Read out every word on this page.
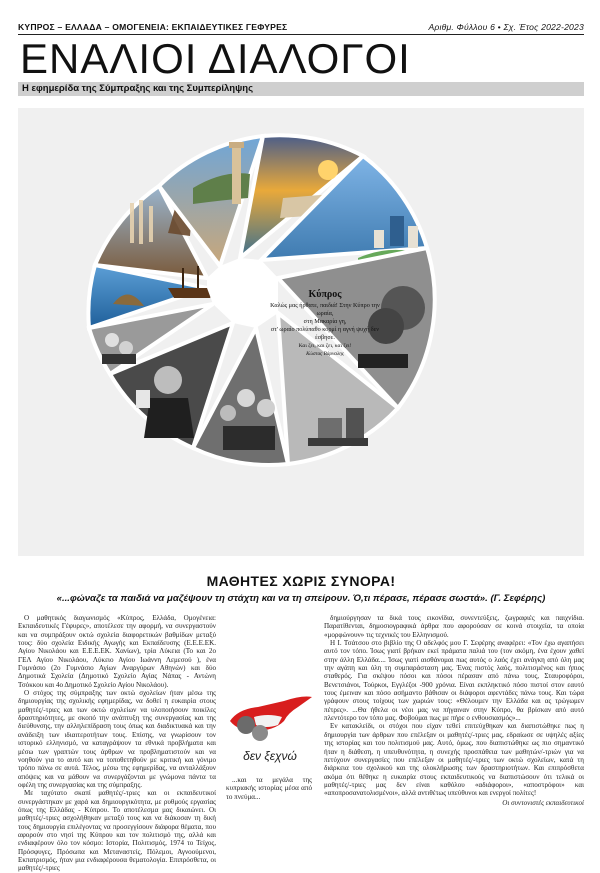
ΚΥΠΡΟΣ – ΕΛΛΑΔΑ – ΟΜΟΓΕΝΕΙΑ: ΕΚΠΑΙΔΕΥΤΙΚΕΣ ΓΕΦΥΡΕΣ	Αριθμ. Φύλλου 6 • Σχ. Έτος 2022-2023
ΕΝΑΛΙΟΙ ΔΙΑΛΟΓΟΙ
Η εφημερίδα της Σύμπραξης και της Συμπερίληψης
Κύπρος
Καλώς μας ήρθατε, παιδιά! Στην Κύπρο την
ωραία,
στη Μακαρία γη,
στ' ωραίο πολύπαθο κορμί η αγνή ψυχή δεν
έσβησε.
Και ζει, και ζει, και ζει!
Κώστας Βάρναλης
ΜΑΘΗΤΕΣ ΧΩΡΙΣ ΣΥΝΟΡΑ!
«...φώναζε τα παιδιά να μαζέψουν τη στάχτη και να τη σπείρουν. Ό,τι πέρασε, πέρασε σωστά». (Γ. Σεφέρης)

Ο μαθητικός διαγωνισμός «Κύπρος, Ελλάδα, Ομογένεια: Εκπαιδευτικές Γέφυρες», αποτέλεσε την αφορμή, να συνεργαστούν και να συμπράξουν οκτώ σχολεία διαφορετικών βαθμίδων μεταξύ τους: δύο σχολεία Ειδικής Αγωγής και Εκπαίδευσης (Ε.Ε.Ε.ΕΚ. Αγίου Νικολάου και Ε.Ε.Ε.ΕΚ. Χανίων), τρία Λύκεια (Το και 2ο ΓΕΛ Αγίου Νικολάου, Λύκειο Αγίου Ιωάννη Λεμεσού ), ένα Γυμνάσιο (2ο Γυμνάσιο Αγίων Αναργύρων Αθηνών) και δύο Δημοτικά Σχολεία (Δημοτικό Σχολείο Αγίας Νάπας - Αντώνη Τσόκκου και 4ο Δημοτικό Σχολείο Αγίου Νικολάου).

Ο στόχος της σύμπραξης των οκτώ σχολείων ήταν μέσω της δημιουργίας της σχολικής εφημερίδας, να δοθεί η ευκαιρία στους μαθητές/-τριες και των οκτώ σχολείων να υλοποιήσουν ποικίλες δραστηριότητες, με σκοπό την ανάπτυξη της συνεργασίας και της διεύθυνσης, την αλληλεπίδραση τους όπως και διαδικτυακά και την ανάδειξη των ιδιαιτεροτήτων τους. Επίσης, να γνωρίσουν τον ιστορικό ελληνισμό, να καταγράψουν τα εθνικά προβλήματα και μέσω των γραπτών τους άρθρων να προβληματιστούν και να νοηθούν για το αυτό και να τοποθετηθούν με κριτική και γόνιμο τρόπο πάνω σε αυτά. Τέλος, μέσω της εφημερίδας, να ανταλλάξουν απόψεις και να μάθουν να συνεργάζονται με γνώμονα πάντα τα οφέλη της συνεργασίας και της σύμπραξης.

Με ταχύτατο σκαπί μαθητές/-τριες και οι εκπαιδευτικοί συνεργάστηκαν με χαρά και δημιουργικότητα, με ρυθμούς εργασίας όπως της Ελλάδας - Κύπρου. Το αποτέλεσμα μας δικαιώνει. Οι μαθητές/-τριες ασχολήθηκαν μεταξύ τους και να διάκοσαν τη δική τους δημιουργία επιλέγοντας να προσεγγίσουν διάφορα θέματα, που αφορούν στο νησί της Κύπρου και τον πολιτισμό της, αλλά και ενδιαφέρουν όλο τον κόσμο: Ιστορία, Πολιτισμός, 1974 το Τείχος, Πρόσφυγες, Πρόσωπα και Μεταναστείς, Πόλεμοι, Αγνοούμενοι, Εκπατρισμός, ήταν μια ενδιαφέρουσα θεματολογία. Επιπρόσθετα, οι μαθητές/-τριες

δεν ξεχνώ

...και τα μεγάλα της κυπριακής ιστορίας μέσα από το πνεύμα...

δημιούργησαν τα δικά τους εικονίδια, συνεντεύξεις, ζωγραφιές και παιχνίδια. Παρατίθενται, δημοσιογραφικά άρθρα που αφορούσαν σε κοινά στοιχεία, τα οποία «μορφώνουν» τις τεχνικές του Ελληνισμού.

Η Ι. Τσάτσου στο βιβλίο της Ο αδελφός μου Γ. Σεφέρης αναφέρει: «Τον έχω αγαπήσει αυτό τον τόπο. Ίσως γιατί βρήκαν εκεί πράματα παλιά του (τον ακόμη, ένα έχουν χαθεί στην άλλη Ελλάδα.... Ίσως γιατί αισθάνομαι πως αυτός ο λαός έχει ανάγκη από όλη μας την αγάπη και όλη τη συμπαράσταση μας. Ένας πιστός λαός, πολιτισμένος και ήπιος σταθερός. Για σκέψου πόσοι και πόσοι πέρασαν από πάνω τους, Σταυροφόροι, Βενετσιάνοι, Τούρκοι, Εγγλέζοι -900 χρόνια. Είναι εκπληκτικό πόσο πιστοί στον εαυτό τους έμειναν και πόσο ασήμαντο βάθισαν οι διάφοροι αφεντάδες πάνω τους. Και τώρα γράφουν στους τοίχους των χωριών τους: «Θέλουμεν την Ελλάδα και ας τρώγωμεν πέτρες». ...Θα ήθελα οι νέοι μας να πήγαιναν στην Κύπρο, θα βρίσκαν από αυτό πλεντότερο τον τόπο μας. Φοβούμαι πως με πήρε ο ενθουσιασμός»...

Εν κατακλείδι, οι στόχοι που είχαν τεθεί επιτεύχθηκαν και διαπιστώθηκε πως η δημιουργία των άρθρων που επέλεξαν οι μαθητές/-τριες μας, εδραίωσε σε υψηλές αξίες της ιστορίας και του πολιτισμού μας. Αυτό, όμως, που διαπιστώθηκε ως πιο σημαντικό ήταν η διάθεση, η υπευθυνότητα, η συνεχής προσπάθεια των μαθητών/-τριών για να πετύχουν συνεργασίες που επέλεξαν οι μαθητές/-τριες των οκτώ σχολείων, κατά τη διάρκεια του σχολικού και της ολοκλήρωσης των δραστηριοτήτων. Και επιπρόσθετα ακόμα ότι θέθηκε η ευκαιρία στους εκπαιδευτικούς να διαπιστώσουν ότι τελικά οι μαθητές/-τριες μας δεν είναι καθόλου «αδιάφοροι», «αποστρόφοι» και «αποπροσανατολισμένοι», αλλά αντιθέτως υπεύθυνοι και ενεργοί πολίτες!

Οι συντονιστές εκπαιδευτικοί
